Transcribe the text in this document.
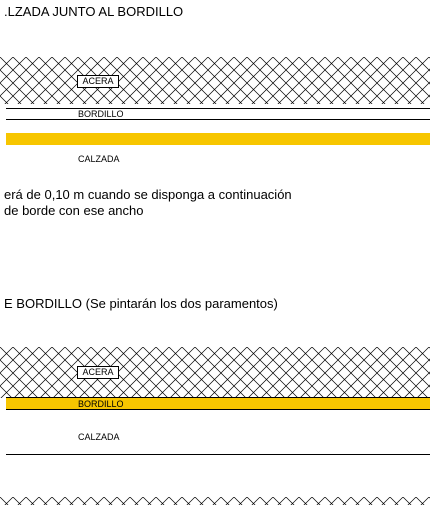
.LZADA JUNTO AL BORDILLO
ACERA
BORDILLO
CALZADA
erá de 0,10 m cuando se disponga a continuación
de borde con ese ancho
E BORDILLO (Se pintarán los dos paramentos)
ACERA
BORDILLO
CALZADA
